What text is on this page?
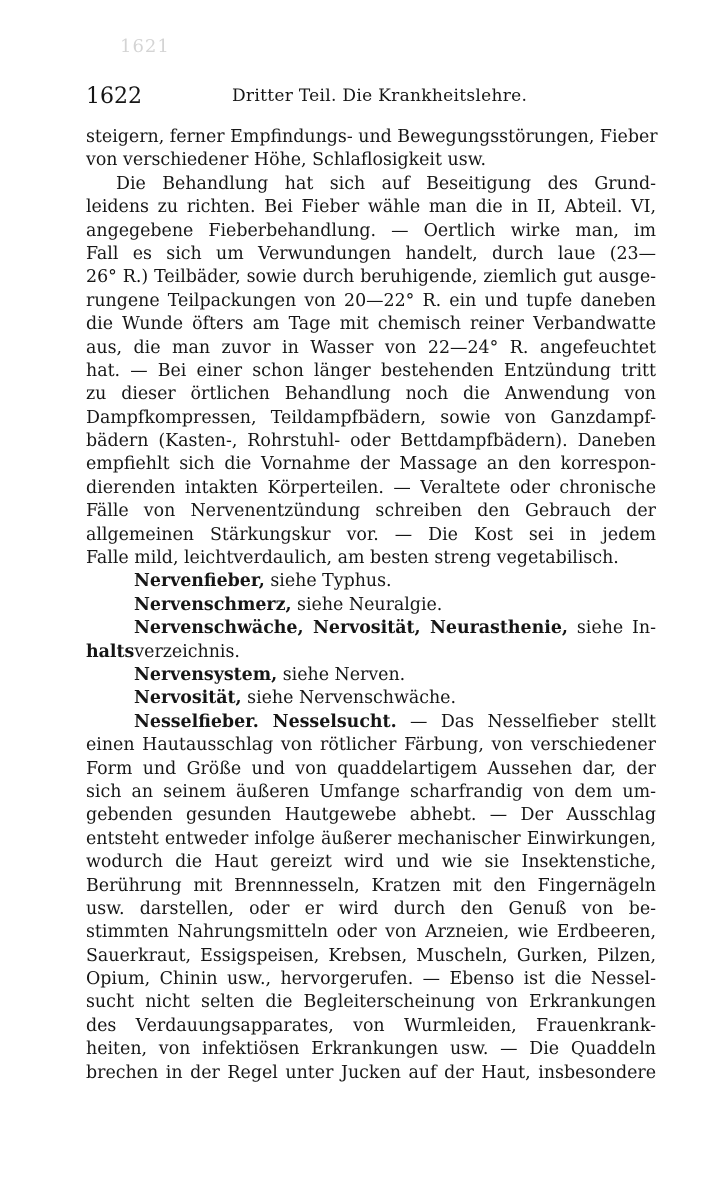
1621
1622	Dritter Teil. Die Krankheitslehre.
steigern, ferner Empfindungs- und Bewegungsstörungen, Fieber
von verschiedener Höhe, Schlaflosigkeit usw.
Die Behandlung hat sich auf Beseitigung des Grund-
leidens zu richten. Bei Fieber wähle man die in II, Abteil. VI,
angegebene Fieberbehandlung. — Oertlich wirke man, im
Fall es sich um Verwundungen handelt, durch laue (23—
26° R.) Teilbäder, sowie durch beruhigende, ziemlich gut ausge-
rungene Teilpackungen von 20—22° R. ein und tupfe daneben
die Wunde öfters am Tage mit chemisch reiner Verbandwatte
aus, die man zuvor in Wasser von 22—24° R. angefeuchtet
hat. — Bei einer schon länger bestehenden Entzündung tritt
zu dieser örtlichen Behandlung noch die Anwendung von
Dampfkompressen, Teildampfbädern, sowie von Ganzdampf-
bädern (Kasten-, Rohrstuhl- oder Bettdampfbädern). Daneben
empfiehlt sich die Vornahme der Massage an den korrespon-
dierenden intakten Körperteilen. — Veraltete oder chronische
Fälle von Nervenentzündung schreiben den Gebrauch der
allgemeinen Stärkungskur vor. — Die Kost sei in jedem
Falle mild, leichtverdaulich, am besten streng vegetabilisch.
Nervenfieber, siehe Typhus.
Nervenschmerz, siehe Neuralgie.
Nervenschwäche, Nervosität, Neurasthenie, siehe In-
haltsverzeichnis.
Nervensystem, siehe Nerven.
Nervosität, siehe Nervenschwäche.
Nesselfieber. Nesselsucht. — Das Nesselfieber stellt
einen Hautausschlag von rötlicher Färbung, von verschiedener
Form und Größe und von quaddelartigem Aussehen dar, der
sich an seinem äußeren Umfange scharfrandig von dem um-
gebenden gesunden Hautgewebe abhebt. — Der Ausschlag
entsteht entweder infolge äußerer mechanischer Einwirkungen,
wodurch die Haut gereizt wird und wie sie Insektenstiche,
Berührung mit Brennnesseln, Kratzen mit den Fingernägeln
usw. darstellen, oder er wird durch den Genuß von be-
stimmten Nahrungsmitteln oder von Arzneien, wie Erdbeeren,
Sauerkraut, Essigspeisen, Krebsen, Muscheln, Gurken, Pilzen,
Opium, Chinin usw., hervorgerufen. — Ebenso ist die Nessel-
sucht nicht selten die Begleiterscheinung von Erkrankungen
des Verdauungsapparates, von Wurmleiden, Frauenkrank-
heiten, von infektiösen Erkrankungen usw. — Die Quaddeln
brechen in der Regel unter Jucken auf der Haut, insbesondere
